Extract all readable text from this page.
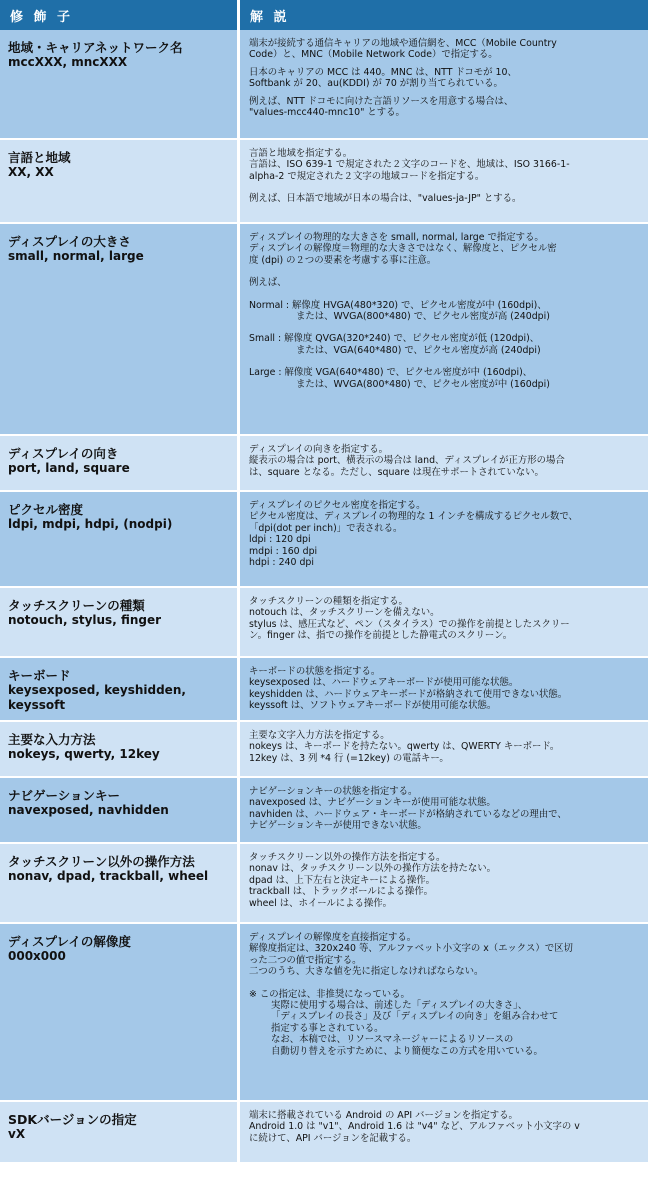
修 飾 子	解 説
地域・キャリアネットワーク名
mccXXX, mncXXX
端末が接続する通信キャリアの地域や通信網を、MCC（Mobile Country
Code）と、MNC（Mobile Network Code）で指定する。
日本のキャリアの MCC は 440。MNC は、NTT ドコモが 10、
Softbank が 20、au(KDDI) が 70 が割り当てられている。
例えば、NTT ドコモに向けた言語リソースを用意する場合は、
"values-mcc440-mnc10" とする。
言語と地域
XX, XX
言語と地域を指定する。
言語は、ISO 639-1 で規定された２文字のコードを、地域は、ISO 3166-1-
alpha-2 で規定された２文字の地域コードを指定する。
例えば、日本語で地域が日本の場合は、"values-ja-JP" とする。
ディスプレイの大きさ
small, normal, large
ディスプレイの物理的な大きさを small, normal, large で指定する。
ディスプレイの解像度＝物理的な大きさではなく、解像度と、ピクセル密
度 (dpi) の２つの要素を考慮する事に注意。
例えば、
Normal : 解像度 HVGA(480*320) で、ピクセル密度が中 (160dpi)、
または、WVGA(800*480) で、ピクセル密度が高 (240dpi)
Small : 解像度 QVGA(320*240) で、ピクセル密度が低 (120dpi)、
または、VGA(640*480) で、ピクセル密度が高 (240dpi)
Large : 解像度 VGA(640*480) で、ピクセル密度が中 (160dpi)、
または、WVGA(800*480) で、ピクセル密度が中 (160dpi)
ディスプレイの向き
port, land, square
ディスプレイの向きを指定する。
縦表示の場合は port、横表示の場合は land、ディスプレイが正方形の場合
は、square となる。ただし、square は現在サポートされていない。
ピクセル密度
ldpi, mdpi, hdpi, (nodpi)
ディスプレイのピクセル密度を指定する。
ピクセル密度は、ディスプレイの物理的な 1 インチを構成するピクセル数で、
「dpi(dot per inch)」で表される。
ldpi : 120 dpi
mdpi : 160 dpi
hdpi : 240 dpi
タッチスクリーンの種類
notouch, stylus, finger
タッチスクリーンの種類を指定する。
notouch は、タッチスクリーンを備えない。
stylus は、感圧式など、ペン（スタイラス）での操作を前提としたスクリー
ン。finger は、指での操作を前提とした静電式のスクリーン。
キーボード
keysexposed, keyshidden, keyssoft
キーボードの状態を指定する。
keysexposed は、ハードウェアキーボードが使用可能な状態。
keyshidden は、ハードウェアキーボードが格納されて使用できない状態。
keyssoft は、ソフトウェアキーボードが使用可能な状態。
主要な入力方法
nokeys, qwerty, 12key
主要な文字入力方法を指定する。
nokeys は、キーボードを持たない。qwerty は、QWERTY キーボード。
12key は、3 列 *4 行 (=12key) の電話キー。
ナビゲーションキー
navexposed, navhidden
ナビゲーションキーの状態を指定する。
navexposed は、ナビゲーションキーが使用可能な状態。
navhiden は、ハードウェア・キーボードが格納されているなどの理由で、
ナビゲーションキーが使用できない状態。
タッチスクリーン以外の操作方法
nonav, dpad, trackball, wheel
タッチスクリーン以外の操作方法を指定する。
nonav は、タッチスクリーン以外の操作方法を持たない。
dpad は、上下左右と決定キーによる操作。
trackball は、トラックボールによる操作。
wheel は、ホイールによる操作。
ディスプレイの解像度
000x000
ディスプレイの解像度を直接指定する。
解像度指定は、320x240 等、アルファベット小文字の x（エックス）で区切
った二つの値で指定する。
二つのうち、大きな値を先に指定しなければならない。
※ この指定は、非推奨になっている。
実際に使用する場合は、前述した「ディスプレイの大きさ」、
「ディスプレイの長さ」及び「ディスプレイの向き」を組み合わせて
指定する事とされている。
なお、本稿では、リソースマネージャーによるリソースの
自動切り替えを示すために、より簡便なこの方式を用いている。
SDKバージョンの指定
vX
端末に搭載されている Android の API バージョンを指定する。
Android 1.0 は "v1"、Android 1.6 は "v4" など、アルファベット小文字の v
に続けて、API バージョンを記載する。
